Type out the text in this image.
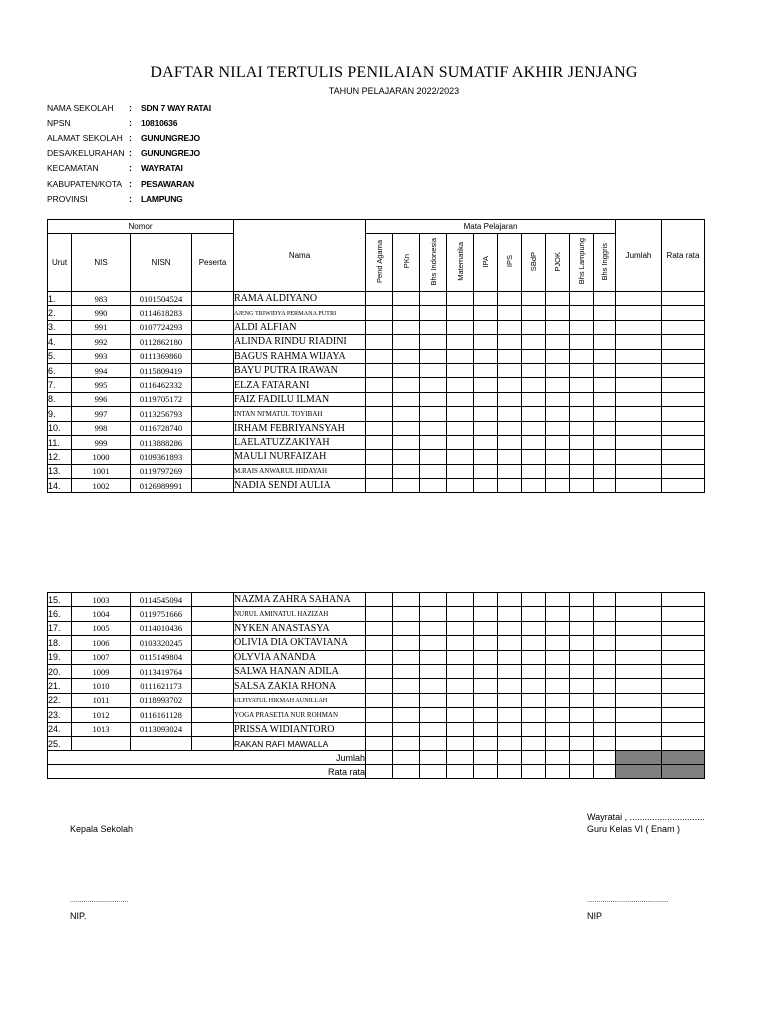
DAFTAR NILAI TERTULIS PENILAIAN SUMATIF AKHIR JENJANG
TAHUN PELAJARAN 2022/2023
NAMA SEKOLAH	:	SDN 7 WAY RATAI
NPSN	:	10810636
ALAMAT SEKOLAH :	GUNUNGREJO
DESA/KELURAHAN :	GUNUNGREJO
KECAMATAN	:	WAYRATAI
KABUPATEN/KOTA :	PESAWARAN
PROVINSI	:	LAMPUNG
Nomor				Nama	Mata Pelajaran										Jumlah	Rata rata
Urut	NIS	NISN	Peserta		Pend Agama	PKn	Bhs Indonesia	Matematika	IPA	IPS	SBdP	PJOK	Bhs Lampung	Bhs Inggris		
1.	983	0101504524		RAMA ALDIYANO												
2.	990	0114618283		AJENG TRIWIDYA PERMANA PUTRI												
3.	991	0107724293		ALDI ALFIAN												
4.	992	0112862180		ALINDA RINDU RIADINI												
5.	993	0111369860		BAGUS RAHMA WIJAYA												
6.	994	0115809419		BAYU PUTRA IRAWAN												
7.	995	0116462332		ELZA FATARANI												
8.	996	0119705172		FAIZ FADILU ILMAN												
9.	997	0113256793		INTAN NI'MATUL TOYIBAH												
10.	998	0116728740		IRHAM FEBRIYANSYAH												
11.	999	0113888286		LAELATUZZAKIYAH												
12.	1000	0109361893		MAULI NURFAIZAH												
13.	1001	0119797269		M.RAIS ANWARUL HIDAYAH												
14.	1002	0126989991		NADIA SENDI AULIA												
15.	1003	0114545094		NAZMA ZAHRA SAHANA												
16.	1004	0119751666		NURUL AMINATUL HAZIZAH												
17.	1005	0114010436		NYKEN ANASTASYA												
18.	1006	0103320245		OLIVIA DIA OKTAVIANA												
19.	1007	0115149804		OLYVIA ANANDA												
20.	1009	0113419764		SALWA HANAN ADILA												
21.	1010	0111621173		SALSA ZAKIA RHONA												
22.	1011	0118993702		ULFIYATUL HIKMAH AUNILLAH												
23.	1012	0116161128		YOGA PRASETIA NUR ROHMAN												
24.	1013	0113093024		PRISSA WIDIANTORO												
25.				RAKAN RAFI MAWALLA												
Jumlah																
Rata rata																
Wayratai , ..............................
Kepala Sekolah	Guru Kelas VI ( Enam )
..............................	..........................................
NIP.	NIP
